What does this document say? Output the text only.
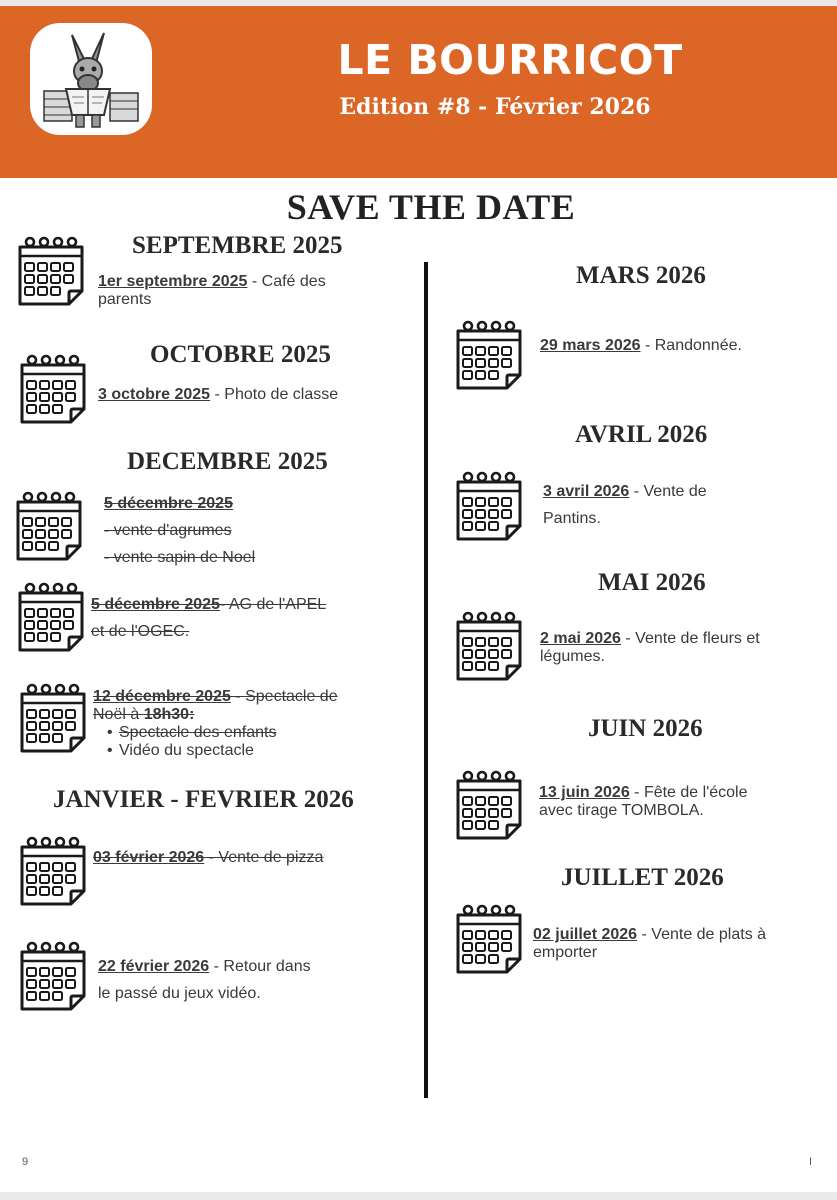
LE BOURRICOT
Edition #8 - Février 2026
SAVE THE DATE
SEPTEMBRE 2025
1er septembre 2025 - Café des
parents
OCTOBRE 2025
3 octobre 2025 - Photo de classe
DECEMBRE 2025
5 décembre 2025
- vente d'agrumes
- vente sapin de Noel
5 décembre 2025- AG de l'APEL
et de l'OGEC.
12 décembre 2025 - Spectacle de
Noël à 18h30:
• Spectacle des enfants
• Vidéo du spectacle
JANVIER - FEVRIER 2026
03 février 2026 - Vente de pizza
22 février 2026 - Retour dans
le passé du jeux vidéo.
MARS 2026
29 mars 2026 - Randonnée.
AVRIL 2026
3 avril 2026 - Vente de
Pantins.
MAI 2026
2 mai 2026 - Vente de fleurs et
légumes.
JUIN 2026
13 juin 2026 - Fête de l'école
avec tirage TOMBOLA.
JUILLET 2026
02 juillet 2026 - Vente de plats à
emporter
9	I
